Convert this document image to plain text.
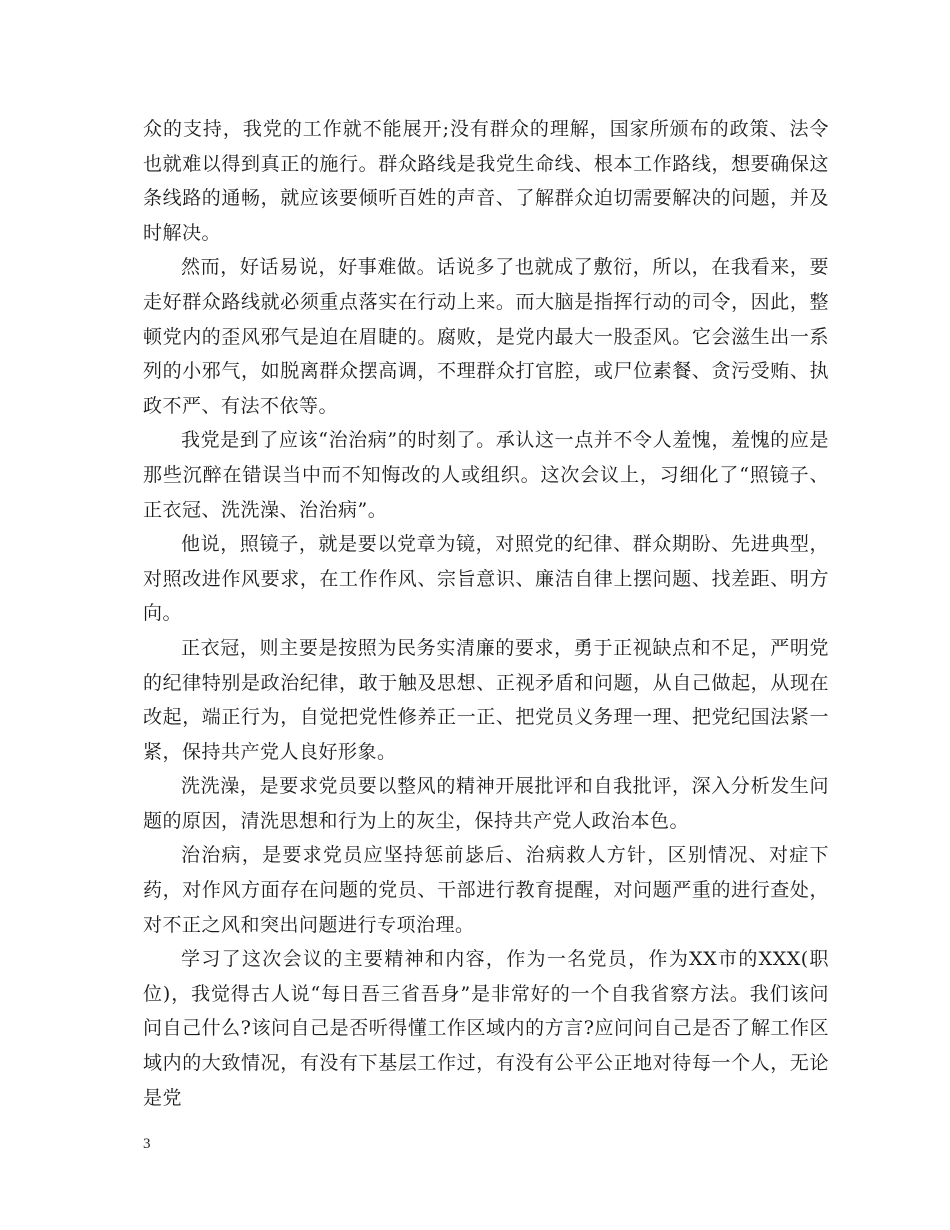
众的支持，我党的工作就不能展开;没有群众的理解，国家所颁布的政策、法令也就难以得到真正的施行。群众路线是我党生命线、根本工作路线，想要确保这条线路的通畅，就应该要倾听百姓的声音、了解群众迫切需要解决的问题，并及时解决。

然而，好话易说，好事难做。话说多了也就成了敷衍，所以，在我看来，要走好群众路线就必须重点落实在行动上来。而大脑是指挥行动的司令，因此，整顿党内的歪风邪气是迫在眉睫的。腐败，是党内最大一股歪风。它会滋生出一系列的小邪气，如脱离群众摆高调，不理群众打官腔，或尸位素餐、贪污受贿、执政不严、有法不依等。

我党是到了应该“治治病”的时刻了。承认这一点并不令人羞愧，羞愧的应是那些沉醉在错误当中而不知悔改的人或组织。这次会议上，习细化了“照镜子、正衣冠、洗洗澡、治治病”。

他说，照镜子，就是要以党章为镜，对照党的纪律、群众期盼、先进典型，对照改进作风要求，在工作作风、宗旨意识、廉洁自律上摆问题、找差距、明方向。

正衣冠，则主要是按照为民务实清廉的要求，勇于正视缺点和不足，严明党的纪律特别是政治纪律，敢于触及思想、正视矛盾和问题，从自己做起，从现在改起，端正行为，自觉把党性修养正一正、把党员义务理一理、把党纪国法紧一紧，保持共产党人良好形象。

洗洗澡，是要求党员要以整风的精神开展批评和自我批评，深入分析发生问题的原因，清洗思想和行为上的灰尘，保持共产党人政治本色。

治治病，是要求党员应坚持惩前毖后、治病救人方针，区别情况、对症下药，对作风方面存在问题的党员、干部进行教育提醒，对问题严重的进行查处，对不正之风和突出问题进行专项治理。

学习了这次会议的主要精神和内容，作为一名党员，作为XX市的XXX(职位)，我觉得古人说“每日吾三省吾身”是非常好的一个自我省察方法。我们该问问自己什么?该问自己是否听得懂工作区域内的方言?应问问自己是否了解工作区域内的大致情况，有没有下基层工作过，有没有公平公正地对待每一个人，无论是党

3
